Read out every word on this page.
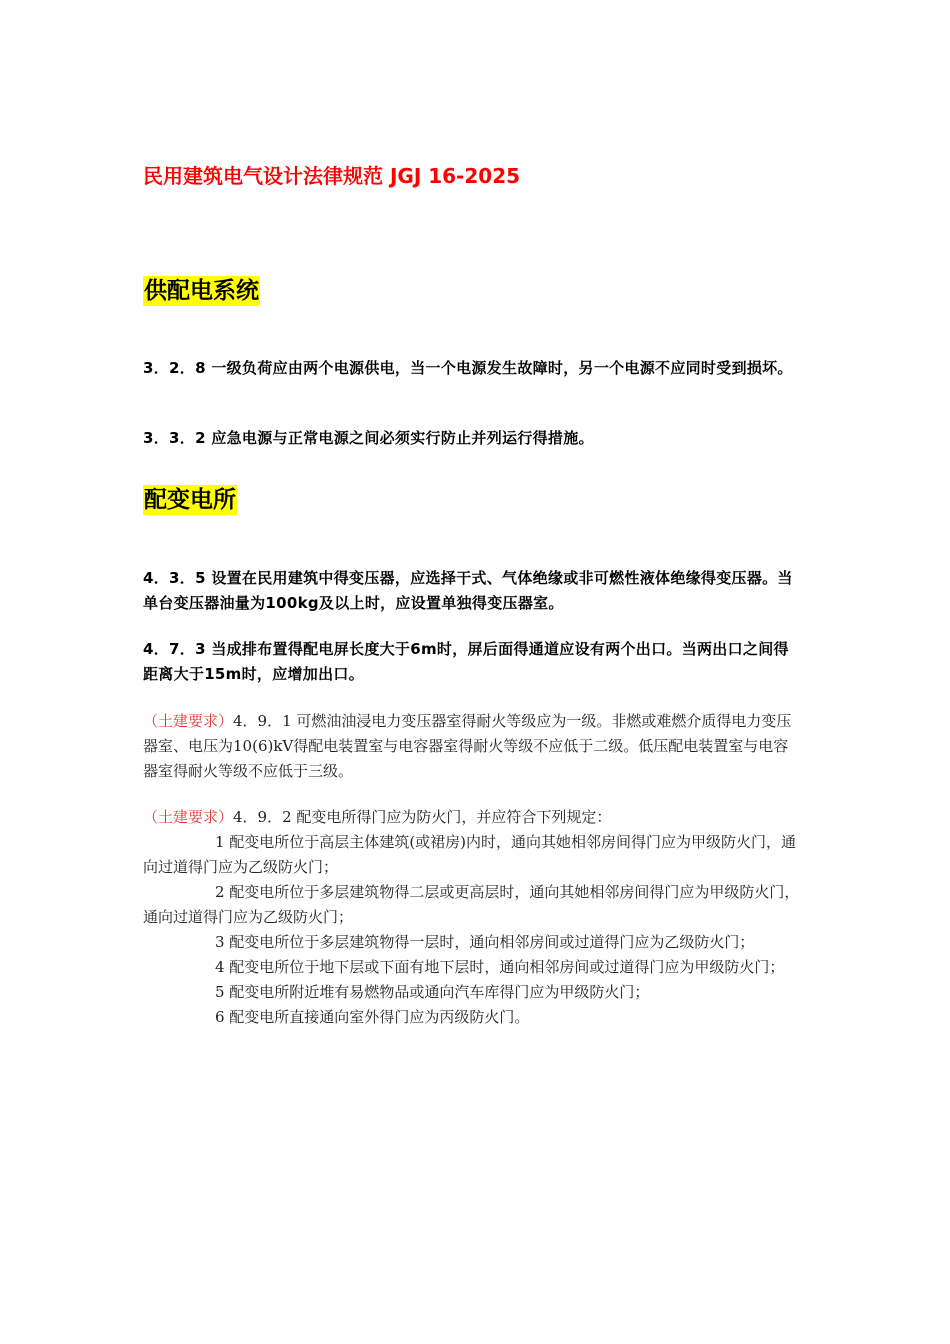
民用建筑电气设计法律规范 JGJ 16-2025
供配电系统
3．2．8 一级负荷应由两个电源供电，当一个电源发生故障时，另一个电源不应同时受到损坏。
3．3．2 应急电源与正常电源之间必须实行防止并列运行得措施。
配变电所
4．3．5 设置在民用建筑中得变压器，应选择干式、气体绝缘或非可燃性液体绝缘得变压器。当单台变压器油量为100kg及以上时，应设置单独得变压器室。
4．7．3 当成排布置得配电屏长度大于6m时，屏后面得通道应设有两个出口。当两出口之间得距离大于15m时，应增加出口。
（土建要求）4．9．1 可燃油油浸电力变压器室得耐火等级应为一级。非燃或难燃介质得电力变压器室、电压为10(6)kV得配电装置室与电容器室得耐火等级不应低于二级。低压配电装置室与电容器室得耐火等级不应低于三级。
（土建要求）4．9．2 配变电所得门应为防火门，并应符合下列规定：
1 配变电所位于高层主体建筑(或裙房)内时，通向其她相邻房间得门应为甲级防火门，通向过道得门应为乙级防火门；
2 配变电所位于多层建筑物得二层或更高层时，通向其她相邻房间得门应为甲级防火门，通向过道得门应为乙级防火门；
3 配变电所位于多层建筑物得一层时，通向相邻房间或过道得门应为乙级防火门；
4 配变电所位于地下层或下面有地下层时，通向相邻房间或过道得门应为甲级防火门；
5 配变电所附近堆有易燃物品或通向汽车库得门应为甲级防火门；
6 配变电所直接通向室外得门应为丙级防火门。
